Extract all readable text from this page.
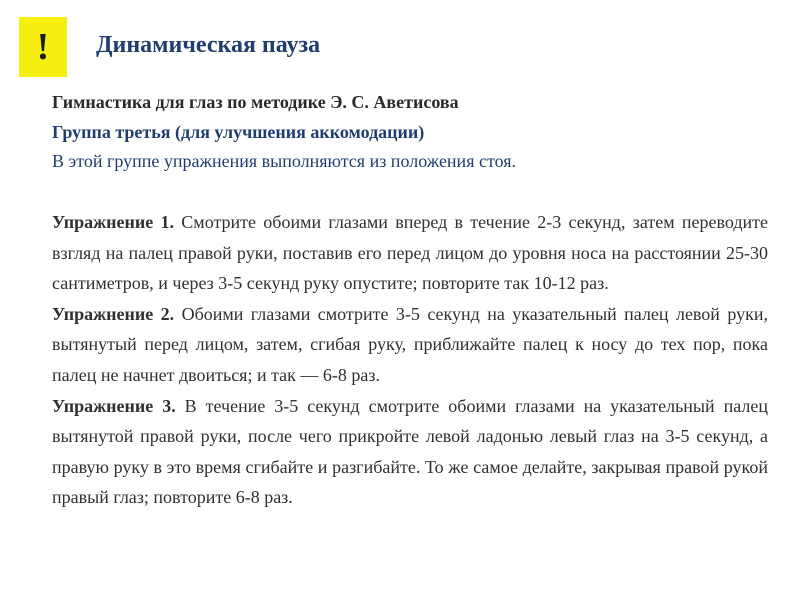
! Динамическая пауза
Гимнастика для глаз по методике Э. С. Аветисова
Группа третья (для улучшения аккомодации)
В этой группе упражнения выполняются из положения стоя.

Упражнение 1. Смотрите обоими глазами вперед в течение 2-3 секунд, затем переводите взгляд на палец правой руки, поставив его перед лицом до уровня носа на расстоянии 25-30 сантиметров, и через 3-5 секунд руку опустите; повторите так 10-12 раз.

Упражнение 2. Обоими глазами смотрите 3-5 секунд на указательный палец левой руки, вытянутый перед лицом, затем, сгибая руку, приближайте палец к носу до тех пор, пока палец не начнет двоиться; и так — 6-8 раз.

Упражнение 3. В течение 3-5 секунд смотрите обоими глазами на указательный палец вытянутой правой руки, после чего прикройте левой ладонью левый глаз на 3-5 секунд, а правую руку в это время сгибайте и разгибайте. То же самое делайте, закрывая правой рукой правый глаз; повторите 6-8 раз.
